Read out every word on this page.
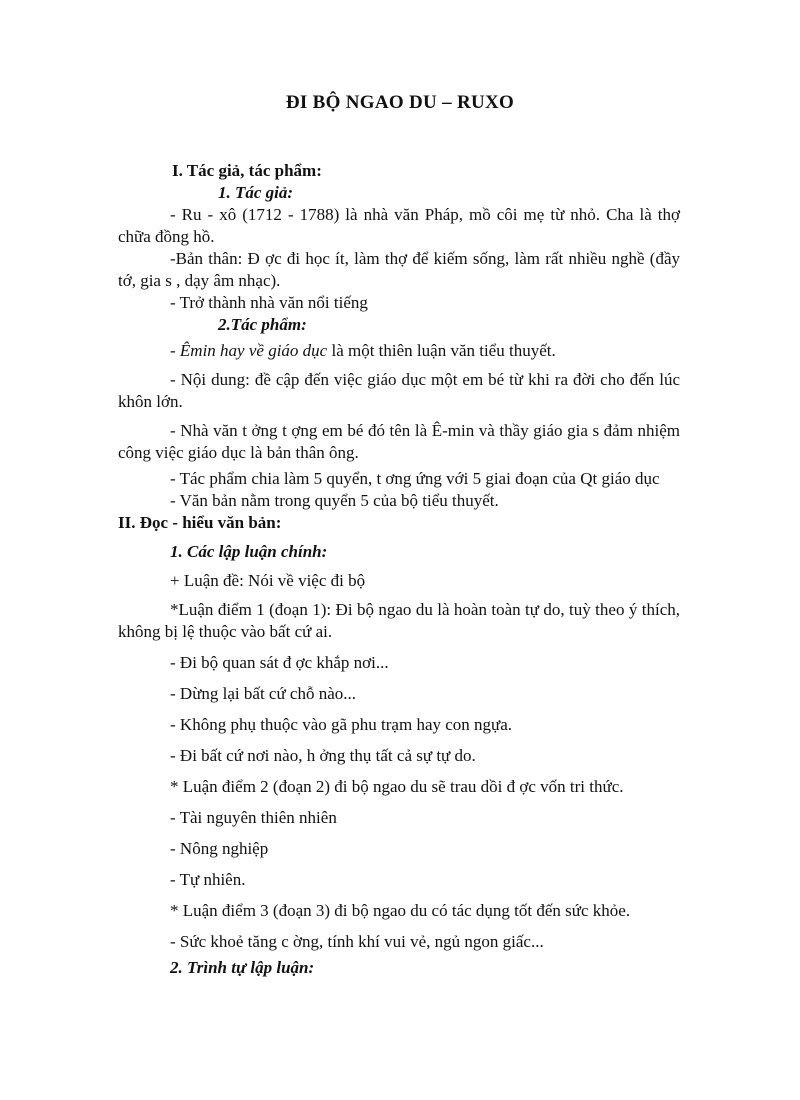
ĐI BỘ NGAO DU – RUXO

I. Tác giả, tác phẩm:

1. Tác giả:

- Ru - xô (1712 - 1788) là nhà văn Pháp, mồ côi mẹ từ nhỏ. Cha là thợ chữa đồng hồ.

-Bản thân: Đ ợc đi học ít, làm thợ để kiếm sống, làm rất nhiều nghề (đầy tớ, gia s , dạy âm nhạc).

- Trở thành nhà văn nổi tiếng

2.Tác phẩm:

- Êmin hay về giáo dục là một thiên luận văn tiểu thuyết.

- Nội dung: đề cập đến việc giáo dục một em bé từ khi ra đời cho đến lúc khôn lớn.

- Nhà văn t ởng t ợng em bé đó tên là Ê-min và thầy giáo gia s đảm nhiệm công việc giáo dục là bản thân ông.

- Tác phẩm chia làm 5 quyển, t ơng ứng với 5 giai đoạn của Qt giáo dục

- Văn bản nằm trong quyển 5 của bộ tiểu thuyết.

II. Đọc - hiểu văn bản:

1. Các lập luận chính:

+ Luận đề: Nói về việc đi bộ

*Luận điểm 1 (đoạn 1): Đi bộ ngao du là hoàn toàn tự do, tuỳ theo ý thích, không bị lệ thuộc vào bất cứ ai.

- Đi bộ quan sát đ ợc khắp nơi...

- Dừng lại bất cứ chỗ nào...

- Không phụ thuộc vào gã phu trạm hay con ngựa.

- Đi bất cứ nơi nào, h ởng thụ tất cả sự tự do.

* Luận điểm 2 (đoạn 2) đi bộ ngao du sẽ trau dồi đ ợc vốn tri thức.

- Tài nguyên thiên nhiên

- Nông nghiệp

- Tự nhiên.

* Luận điểm 3 (đoạn 3) đi bộ ngao du có tác dụng tốt đến sức khỏe.

- Sức khoẻ tăng c ờng, tính khí vui vẻ, ngủ ngon giấc...

2. Trình tự lập luận:
